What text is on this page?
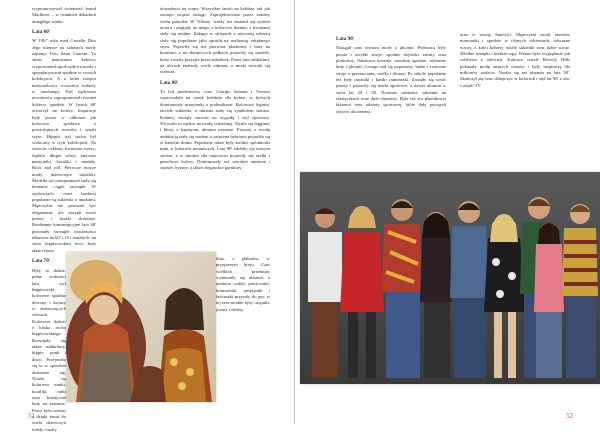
wypromowywał świetność brand Marlbora ... w ostatnich dekadach ubiegłego wieku.

Lata 60'

W 1967 roku mod Castello Dior Jego miejsce na salonach mody zajmuje Yves Saint Laurent. To okres panowania kobiecy wyprowadził spod wpływu mody i spopularyzował spodnie w swoich kolekcjach. A z kolei trzepot marynarkowy wszystkie kobiety w smokingu. Pod wpływem nowatorów zaproponował również kobiece spodnie. W latach 60' otworzył na kolory. Inspiracje były proste w odbiorze jak kolorowe spódnice z prostokątnych wzorów i sztuki szyte. Hippisi styl ruchu był widoczny w tych kolekcjach. Na świecie: cyklady, kwieciste wzory, frędzle, długie włosy, etniczne naszyjniki, koraliki i sandały. Rock and roll. Pierwsze twarze mody, dziewczęce sukienki. Modelki na czasopismach stały się ikonami, ciągle szczupłe. W stylizacjach coraz bardziej popularne są sukienki z tunikami. Mężczyźni nie przestali być elegantami, ale zaczęli nosić jeansy i kurtki skórzane. Bezdennie konsumpcyjne lata 60' pozostały szczupłe wiadomości tekstowe na 60' i 10 i śmiałych, na stylu hippisowskim lewy były takie rejony.

Lata 70'

Były to dzikie, pełne wolności lata, styl hippisowski, kolorowe spodnie dzwony i kwiaty w dziewczęcych włosach. Kolorowe, dzikie, z bliska ruchu hippisowskiego. Rozwijały się także subkultury, hippie, punk i disco. Przejawiło się to w sposobie ubierania się. Nosiło się kolorowe tuniki, koraliki, rurki oraz kreatywne buty na koturnie. Praca była ważna, a dzięki temu do wielu dziewczyn trafiły ciuchy.

dojrzałości tej sceny. Wszystkie laurki na kołdrze, tak jak zaczęto wiązać zasięgi. Zaprojektowano przez zmiany wielu pokoleń. W Tiffany: wtedy też zmienił się system ubioru i poglądy na niego, a kolorowe tkaniny z kwiatami stały się modne. Zakupy w sklepach z używaną odzieżą stały się popularne jako sposób na realizację odrębnego stylu. Pojawiły się też pierwsze platformy i buty na koturnie, a na sklepowych półkach pojawiły się modele, które zostały przyjęte przez młodzież. Przez lata subkultury na ulicach znalazły wiele odmian, a moda stawała się szybsza.

Lata 80'

To był przełomowy czas. Giorgio Armani i Versace wprowadzili na rynek kolekcje dla kobiet, w których dominowały marynarki z poduszkami. Kolorowe leginsy, obcisłe sukienki, a ubrania stały się symbolem statusu. Kobiety zaczęły stawiać na wygodę i styl sportowy. Wywarło to wpływ na modę codzienną. Nosiło się legginsy i bluzy z kapturem, ubrania oversize. Fryzury z trwałą ondulacją stały się modne, a sztuczna biżuteria pojawiła się w każdym domu. Popularne także były krótkie spódniczki mini w kolorach neonowych. Lata 80' zdobiły się nowym stylem, a w modzie dla mężczyzn pojawiły się szelki i pastelowe kolory. Dominowały też szerokie ramiona i cięższe fryzury, a także eleganckie garnitury.

bluz, z plakatów, w przyjaznym kroju. Czas wielkich przemian, wymieniły się ubrania, a nadmiar ozdób, pierścionki, bransoletki, naszyjniki i łańcuszki przyszły do gry, w tej erze modne były: zegarki, jeansy i dżinsy.

51
Lata 90'

Nastąpił czas wyboru mody z ulicami. Podstawą były proste i zwykłe stroje: spodnie bojówki, tshirty oraz platformy, flanelowe koszule, szerokie spodnie, militarne buty i plecaki. Grunge stał się popularny, luźne i zwiewne stroje z przetarciami, szelki i dżinsy. Po szkole popularne też były narzutki i kurtki ramoneski. Zaczęły się nosić jeansy i pojawiły się marki sportowe, a nawet ubrania w stylu lat 20 i 50. Noszono sukienki, sukienki na ramiączkach oraz dużo biżuterii. Była też era plastikowej biżuterii oraz odzieży sportowej, które dały początek stylowi ulicznemu.

oraz w stronę Ameryki. Mężczyźni nosili szerokie marynarki i spodnie w różnych odcieniach, odważne wzory, z kolei kobiety nosiły sukienki oraz luźne stroje. Wielkie trampki i krótkie topy. Ważne było wyglądanie jak celebryta z telewizji. Kultowe seriale Beverly Hills pokazały modę tamtych czasów i były inspiracją dla milionów widzów. Nosiło się też ubrania na lata 90'. Skończył się czas chłopczyc w kolorach i styl lat 90' z ulic i seriali TV.

52
